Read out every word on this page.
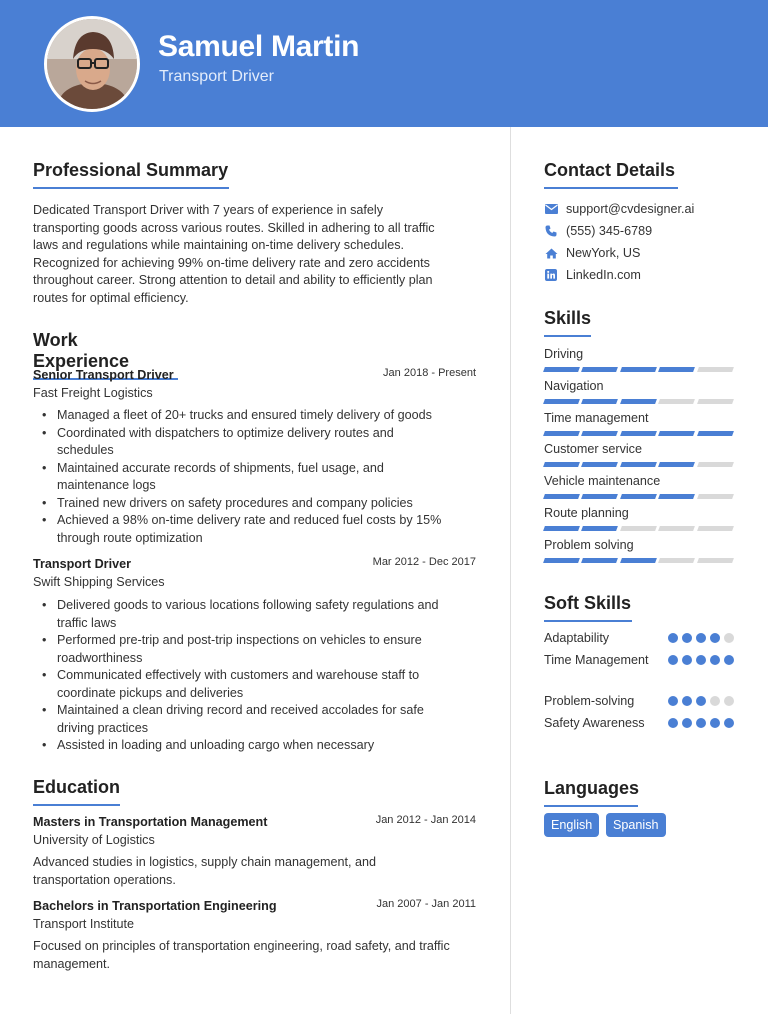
Samuel Martin
Transport Driver
Professional Summary
Dedicated Transport Driver with 7 years of experience in safely
transporting goods across various routes. Skilled in adhering to all traffic
laws and regulations while maintaining on-time delivery schedules.
Recognized for achieving 99% on-time delivery rate and zero accidents
throughout career. Strong attention to detail and ability to efficiently plan
routes for optimal efficiency.
Work Experience
Senior Transport Driver	Jan 2018 - Present
Fast Freight Logistics
• Managed a fleet of 20+ trucks and ensured timely delivery of goods
• Coordinated with dispatchers to optimize delivery routes and
schedules
• Maintained accurate records of shipments, fuel usage, and
maintenance logs
• Trained new drivers on safety procedures and company policies
• Achieved a 98% on-time delivery rate and reduced fuel costs by 15%
through route optimization
Transport Driver	Mar 2012 - Dec 2017
Swift Shipping Services
• Delivered goods to various locations following safety regulations and
traffic laws
• Performed pre-trip and post-trip inspections on vehicles to ensure
roadworthiness
• Communicated effectively with customers and warehouse staff to
coordinate pickups and deliveries
• Maintained a clean driving record and received accolades for safe
driving practices
• Assisted in loading and unloading cargo when necessary
Education
Masters in Transportation Management	Jan 2012 - Jan 2014
University of Logistics
Advanced studies in logistics, supply chain management, and
transportation operations.
Bachelors in Transportation Engineering	Jan 2007 - Jan 2011
Transport Institute
Focused on principles of transportation engineering, road safety, and traffic
management.
Contact Details
support@cvdesigner.ai
(555) 345-6789
NewYork, US
LinkedIn.com
Skills
Driving
Navigation
Time management
Customer service
Vehicle maintenance
Route planning
Problem solving
Soft Skills
Adaptability
Time Management
Problem-solving
Safety Awareness
Languages
English	Spanish
